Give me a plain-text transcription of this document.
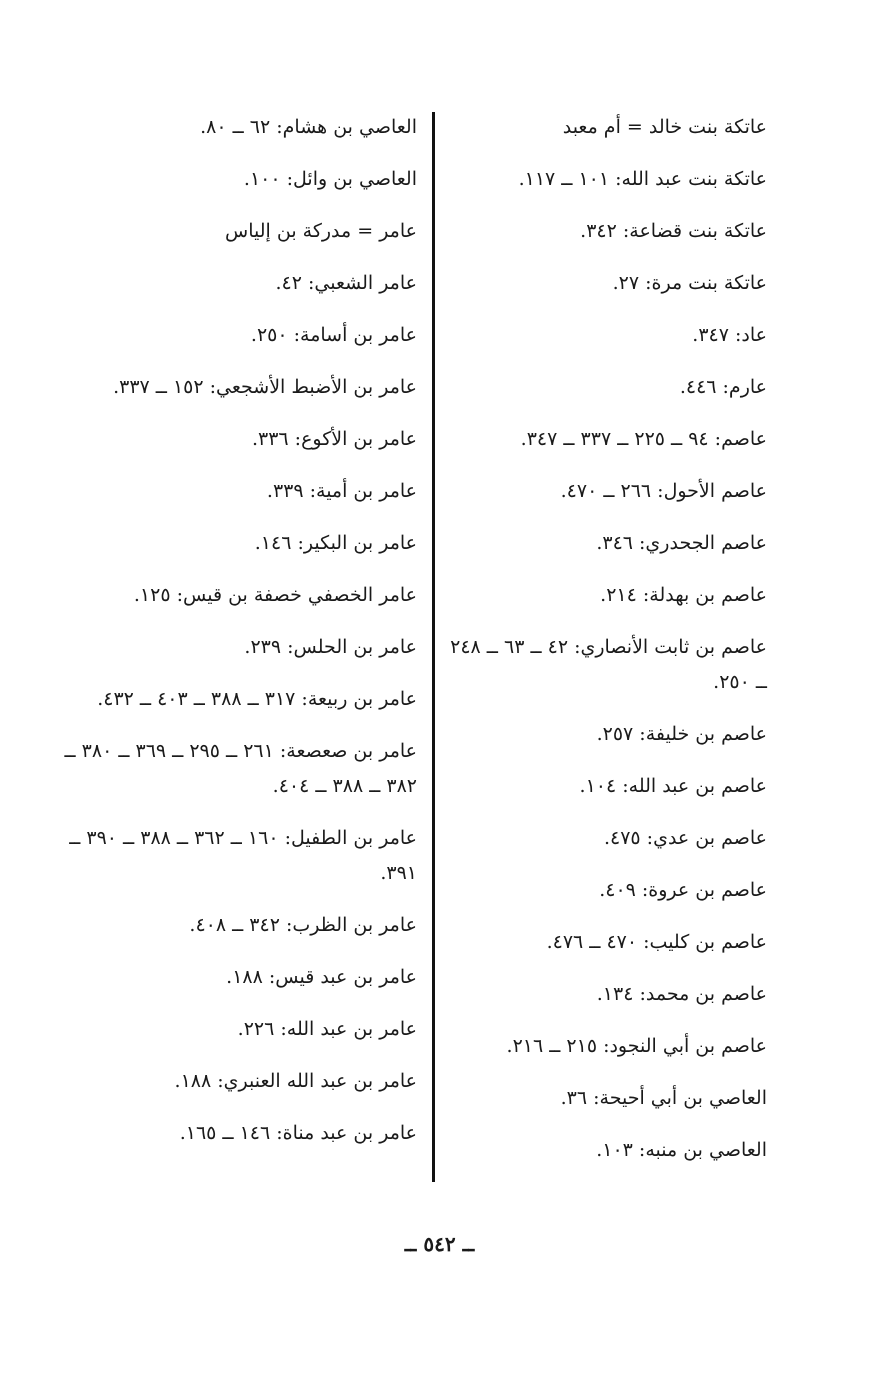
عاتكة بنت خالد = أم معبد
عاتكة بنت عبد الله: ١٠١ ــ ١١٧.
عاتكة بنت قضاعة: ٣٤٢.
عاتكة بنت مرة: ٢٧.
عاد: ٣٤٧.
عارم: ٤٤٦.
عاصم: ٩٤ ــ ٢٢٥ ــ ٣٣٧ ــ ٣٤٧.
عاصم الأحول: ٢٦٦ ــ ٤٧٠.
عاصم الجحدري: ٣٤٦.
عاصم بن بهدلة: ٢١٤.
عاصم بن ثابت الأنصاري: ٤٢ ــ ٦٣ ــ ٢٤٨ ــ ٢٥٠.
عاصم بن خليفة: ٢٥٧.
عاصم بن عبد الله: ١٠٤.
عاصم بن عدي: ٤٧٥.
عاصم بن عروة: ٤٠٩.
عاصم بن كليب: ٤٧٠ ــ ٤٧٦.
عاصم بن محمد: ١٣٤.
عاصم بن أبي النجود: ٢١٥ ــ ٢١٦.
العاصي بن أبي أحيحة: ٣٦.
العاصي بن منبه: ١٠٣.
العاصي بن هشام: ٦٢ ــ ٨٠.
العاصي بن وائل: ١٠٠.
عامر = مدركة بن إلياس
عامر الشعبي: ٤٢.
عامر بن أسامة: ٢٥٠.
عامر بن الأضبط الأشجعي: ١٥٢ ــ ٣٣٧.
عامر بن الأكوع: ٣٣٦.
عامر بن أمية: ٣٣٩.
عامر بن البكير: ١٤٦.
عامر الخصفي خصفة بن قيس: ١٢٥.
عامر بن الحلس: ٢٣٩.
عامر بن ربيعة: ٣١٧ ــ ٣٨٨ ــ ٤٠٣ ــ ٤٣٢.
عامر بن صعصعة: ٢٦١ ــ ٢٩٥ ــ ٣٦٩ ــ ٣٨٠ ــ ٣٨٢ ــ ٣٨٨ ــ ٤٠٤.
عامر بن الطفيل: ١٦٠ ــ ٣٦٢ ــ ٣٨٨ ــ ٣٩٠ ــ ٣٩١.
عامر بن الظرب: ٣٤٢ ــ ٤٠٨.
عامر بن عبد قيس: ١٨٨.
عامر بن عبد الله: ٢٢٦.
عامر بن عبد الله العنبري: ١٨٨.
عامر بن عبد مناة: ١٤٦ ــ ١٦٥.
ــ ٥٤٢ ــ
